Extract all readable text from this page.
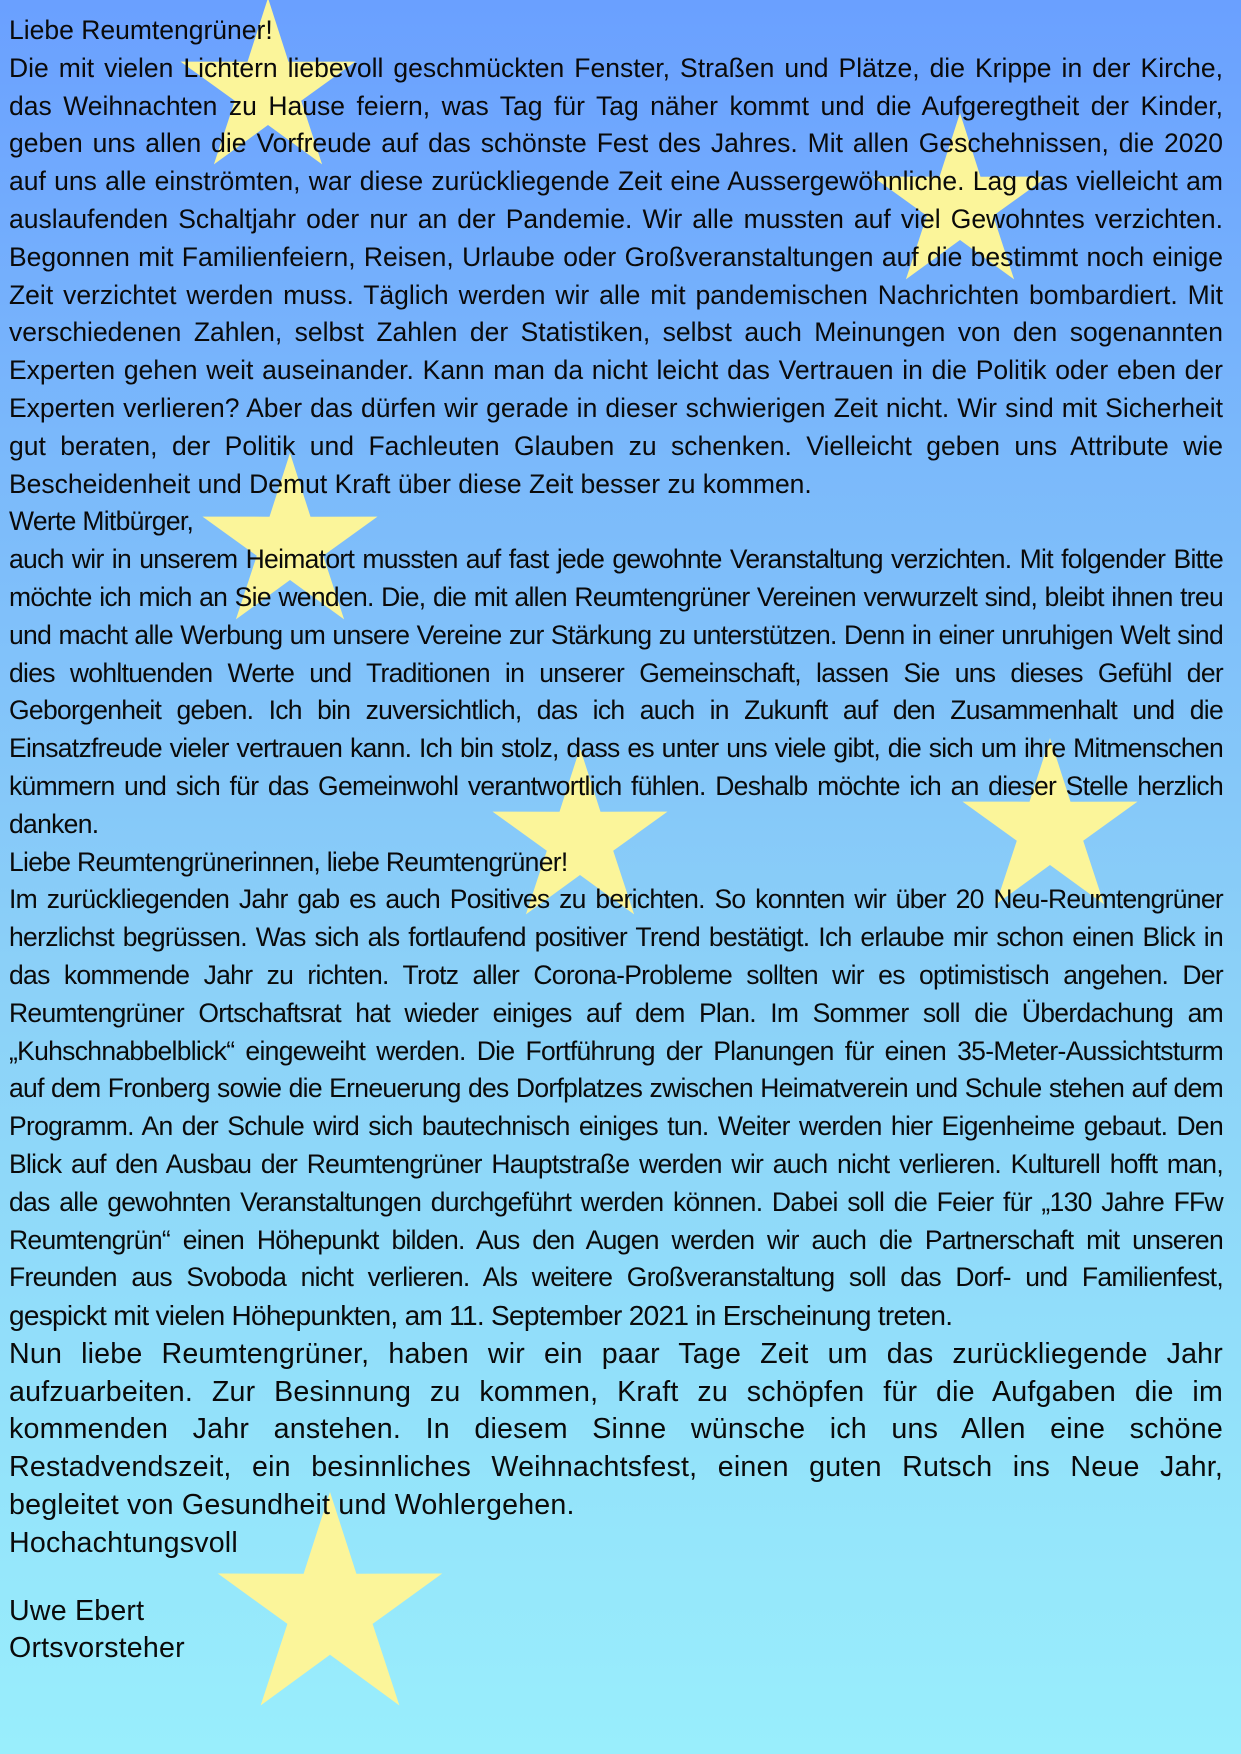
Liebe Reumtengrüner!

Die mit vielen Lichtern liebevoll geschmückten Fenster, Straßen und Plätze, die Krippe in der Kirche, das Weihnachten zu Hause feiern, was Tag für Tag näher kommt und die Aufgeregtheit der Kinder, geben uns allen die Vorfreude auf das schönste Fest des Jahres. Mit allen Geschehnissen, die 2020 auf uns alle einströmten, war diese zurückliegende Zeit eine Aussergewöhnliche. Lag das vielleicht am auslaufenden Schaltjahr oder nur an der Pandemie. Wir alle mussten auf viel Gewohntes verzichten. Begonnen mit Familienfeiern, Reisen, Urlaube oder Großveranstaltungen auf die bestimmt noch einige Zeit verzichtet werden muss. Täglich werden wir alle mit pandemischen Nachrichten bombardiert. Mit verschiedenen Zahlen, selbst Zahlen der Statistiken, selbst auch Meinungen von den sogenannten Experten gehen weit auseinander. Kann man da nicht leicht das Vertrauen in die Politik oder eben der Experten verlieren? Aber das dürfen wir gerade in dieser schwierigen Zeit nicht. Wir sind mit Sicherheit gut beraten, der Politik und Fachleuten Glauben zu schenken. Vielleicht geben uns Attribute wie Bescheidenheit und Demut Kraft über diese Zeit besser zu kommen.

Werte Mitbürger,

auch wir in unserem Heimatort mussten auf fast jede gewohnte Veranstaltung verzichten. Mit folgender Bitte möchte ich mich an Sie wenden. Die, die mit allen Reumtengrüner Vereinen verwurzelt sind, bleibt ihnen treu und macht alle Werbung um unsere Vereine zur Stärkung zu unterstützen. Denn in einer unruhigen Welt sind dies wohltuenden Werte und Traditionen in unserer Gemeinschaft, lassen Sie uns dieses Gefühl der Geborgenheit geben. Ich bin zuversichtlich, das ich auch in Zukunft auf den Zusammenhalt und die Einsatzfreude vieler vertrauen kann. Ich bin stolz, dass es unter uns viele gibt, die sich um ihre Mitmenschen kümmern und sich für das Gemeinwohl verantwortlich fühlen. Deshalb möchte ich an dieser Stelle herzlich danken.

Liebe Reumtengrünerinnen, liebe Reumtengrüner!

Im zurückliegenden Jahr gab es auch Positives zu berichten. So konnten wir über 20 Neu-Reumtengrüner herzlichst begrüssen. Was sich als fortlaufend positiver Trend bestätigt. Ich erlaube mir schon einen Blick in das kommende Jahr zu richten. Trotz aller Corona-Probleme sollten wir es optimistisch angehen. Der Reumtengrüner Ortschaftsrat hat wieder einiges auf dem Plan. Im Sommer soll die Überdachung am „Kuhschnabbelblick“ eingeweiht werden. Die Fortführung der Planungen für einen 35-Meter-Aussichtsturm auf dem Fronberg sowie die Erneuerung des Dorfplatzes zwischen Heimatverein und Schule stehen auf dem Programm. An der Schule wird sich bautechnisch einiges tun. Weiter werden hier Eigenheime gebaut. Den Blick auf den Ausbau der Reumtengrüner Hauptstraße werden wir auch nicht verlieren. Kulturell hofft man, das alle gewohnten Veranstaltungen durchgeführt werden können. Dabei soll die Feier für „130 Jahre FFw Reumtengrün“ einen Höhepunkt bilden. Aus den Augen werden wir auch die Partnerschaft mit unseren Freunden aus Svoboda nicht verlieren. Als weitere Großveranstaltung soll das Dorf- und Familienfest, gespickt mit vielen Höhepunkten, am 11. September 2021 in Erscheinung treten.

Nun liebe Reumtengrüner, haben wir ein paar Tage Zeit um das zurückliegende Jahr aufzuarbeiten. Zur Besinnung zu kommen, Kraft zu schöpfen für die Aufgaben die im kommenden Jahr anstehen. In diesem Sinne wünsche ich uns Allen eine schöne Restadvendszeit, ein besinnliches Weihnachtsfest, einen guten Rutsch ins Neue Jahr, begleitet von Gesundheit und Wohlergehen.

Hochachtungsvoll

Uwe Ebert

Ortsvorsteher
